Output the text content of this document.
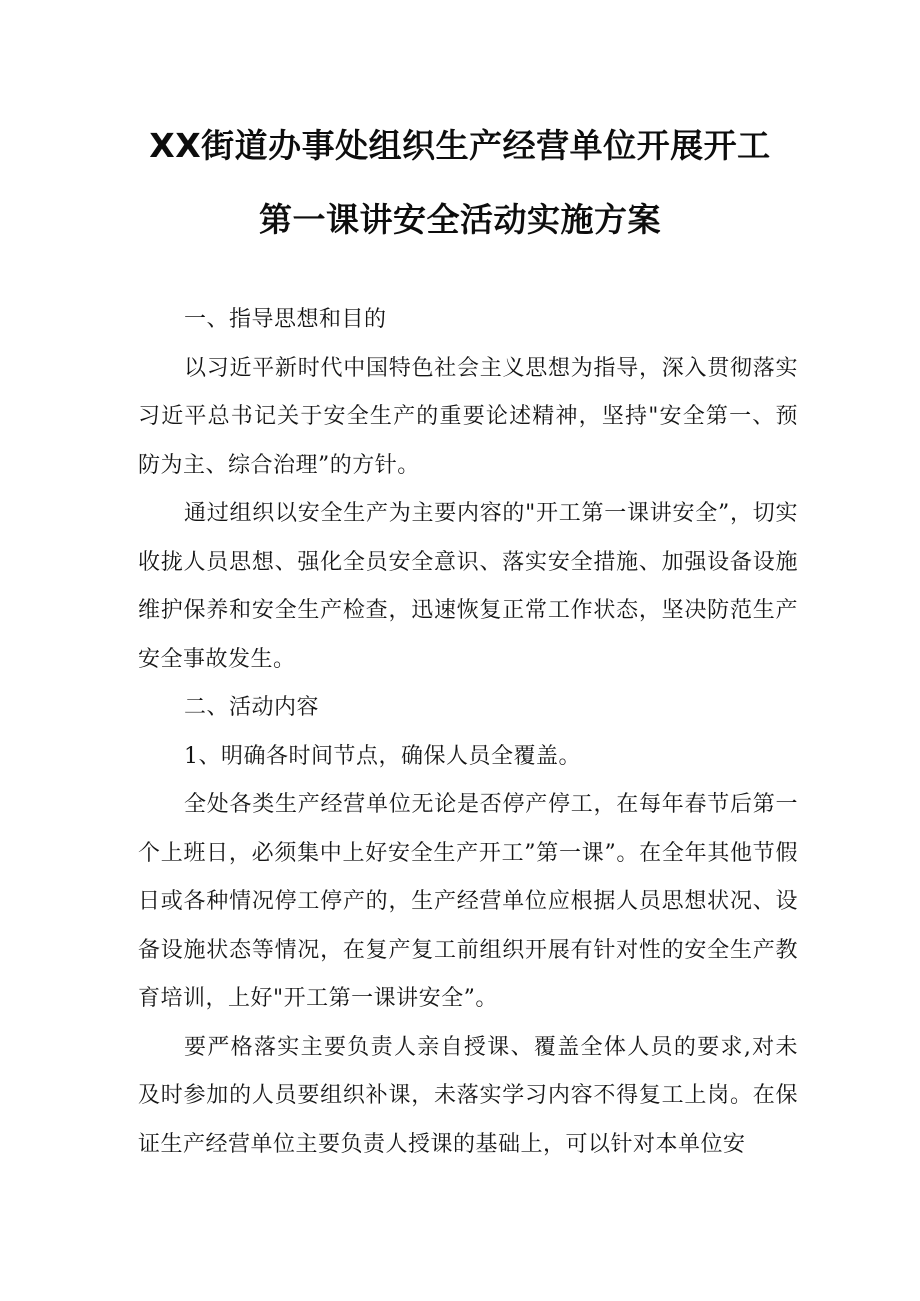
XX街道办事处组织生产经营单位开展开工
第一课讲安全活动实施方案

一、指导思想和目的

以习近平新时代中国特色社会主义思想为指导，深入贯彻落实习近平总书记关于安全生产的重要论述精神，坚持"安全第一、预防为主、综合治理”的方针。

通过组织以安全生产为主要内容的"开工第一课讲安全”，切实收拢人员思想、强化全员安全意识、落实安全措施、加强设备设施维护保养和安全生产检查，迅速恢复正常工作状态，坚决防范生产安全事故发生。

二、活动内容

1、明确各时间节点，确保人员全覆盖。

全处各类生产经营单位无论是否停产停工，在每年春节后第一个上班日，必须集中上好安全生产开工”第一课”。在全年其他节假日或各种情况停工停产的，生产经营单位应根据人员思想状况、设备设施状态等情况，在复产复工前组织开展有针对性的安全生产教育培训，上好"开工第一课讲安全”。

要严格落实主要负责人亲自授课、覆盖全体人员的要求,对未及时参加的人员要组织补课，未落实学习内容不得复工上岗。在保证生产经营单位主要负责人授课的基础上，可以针对本单位安
